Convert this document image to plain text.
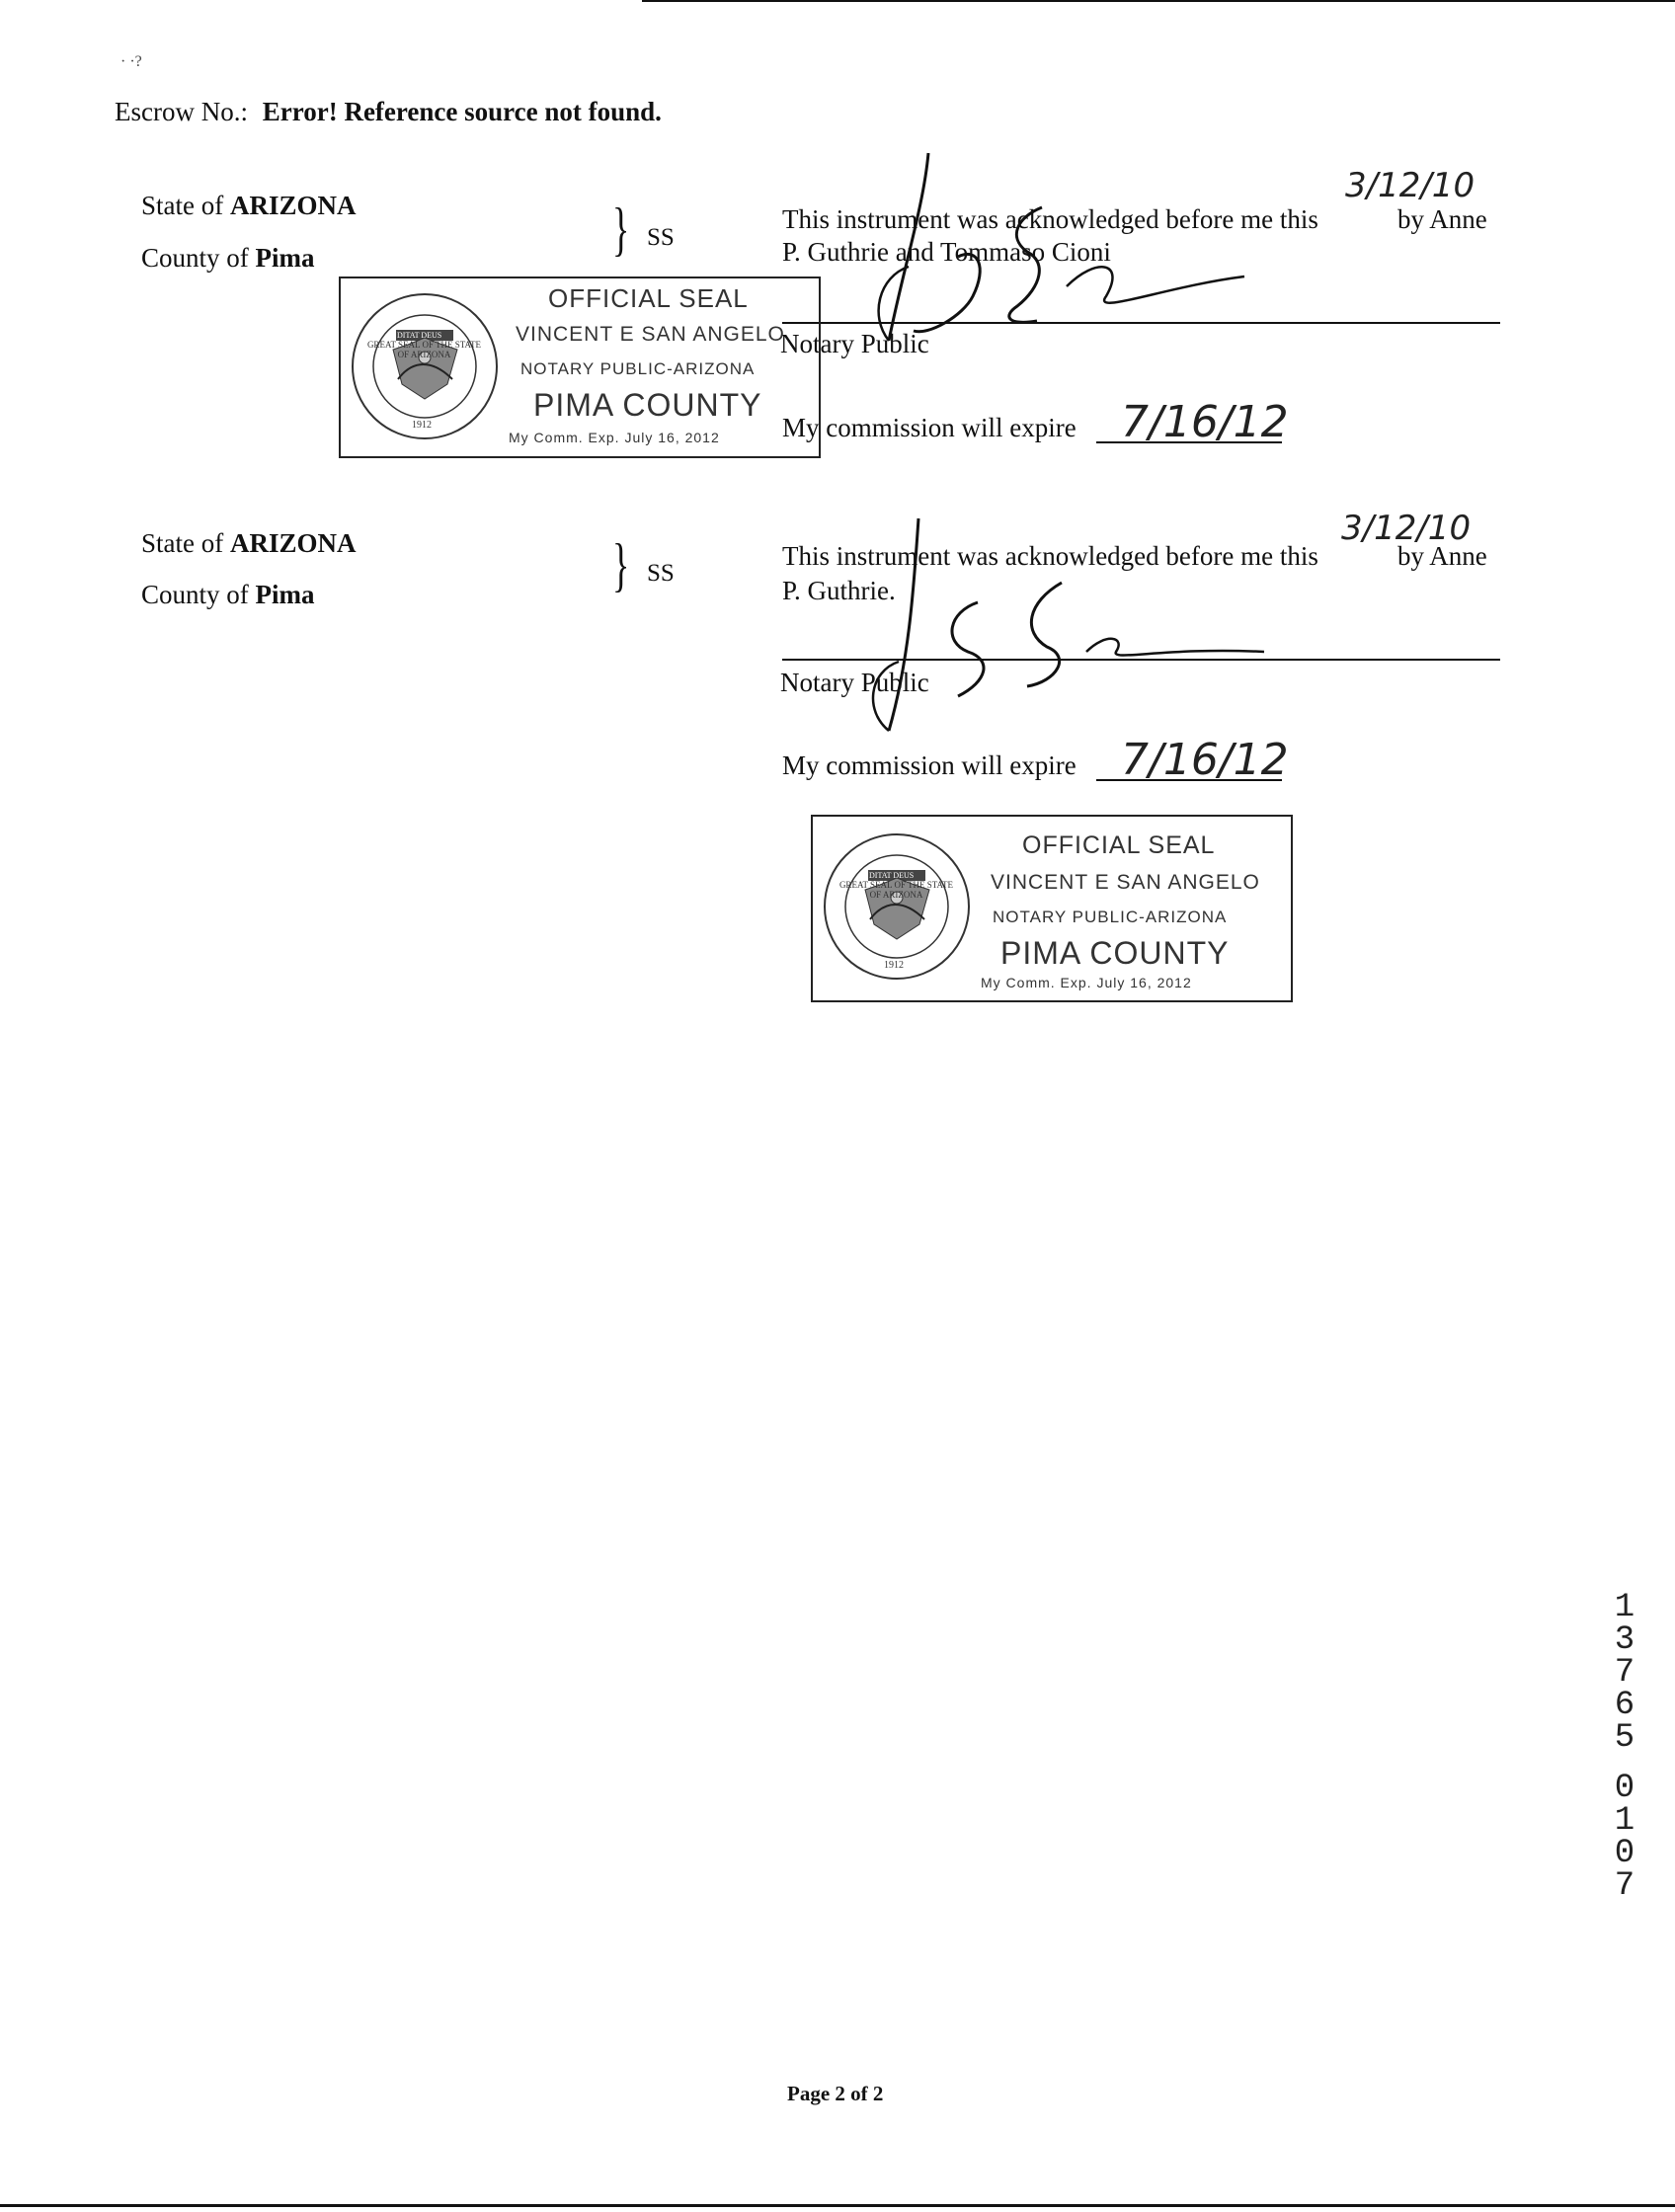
· ·?
Escrow No.: Error! Reference source not found.
State of ARIZONA
County of Pima	} SS
This instrument was acknowledged before me this	by Anne
P. Guthrie and Tommaso Cioni
3/12/10
Notary Public
My commission will expire 7/16/12
GREAT SEAL OF THE STATE OF ARIZONA
DITAT DEUS
1912
OFFICIAL SEAL
VINCENT E SAN ANGELO
NOTARY PUBLIC-ARIZONA
PIMA COUNTY
My Comm. Exp. July 16, 2012
State of ARIZONA
County of Pima	} SS
This instrument was acknowledged before me this	by Anne
P. Guthrie.
3/12/10
Notary Public
My commission will expire 7/16/12
GREAT SEAL OF THE STATE OF ARIZONA
DITAT DEUS
1912
OFFICIAL SEAL
VINCENT E SAN ANGELO
NOTARY PUBLIC-ARIZONA
PIMA COUNTY
My Comm. Exp. July 16, 2012
1
3
7
6
5

0
1
0
7
Page 2 of 2
